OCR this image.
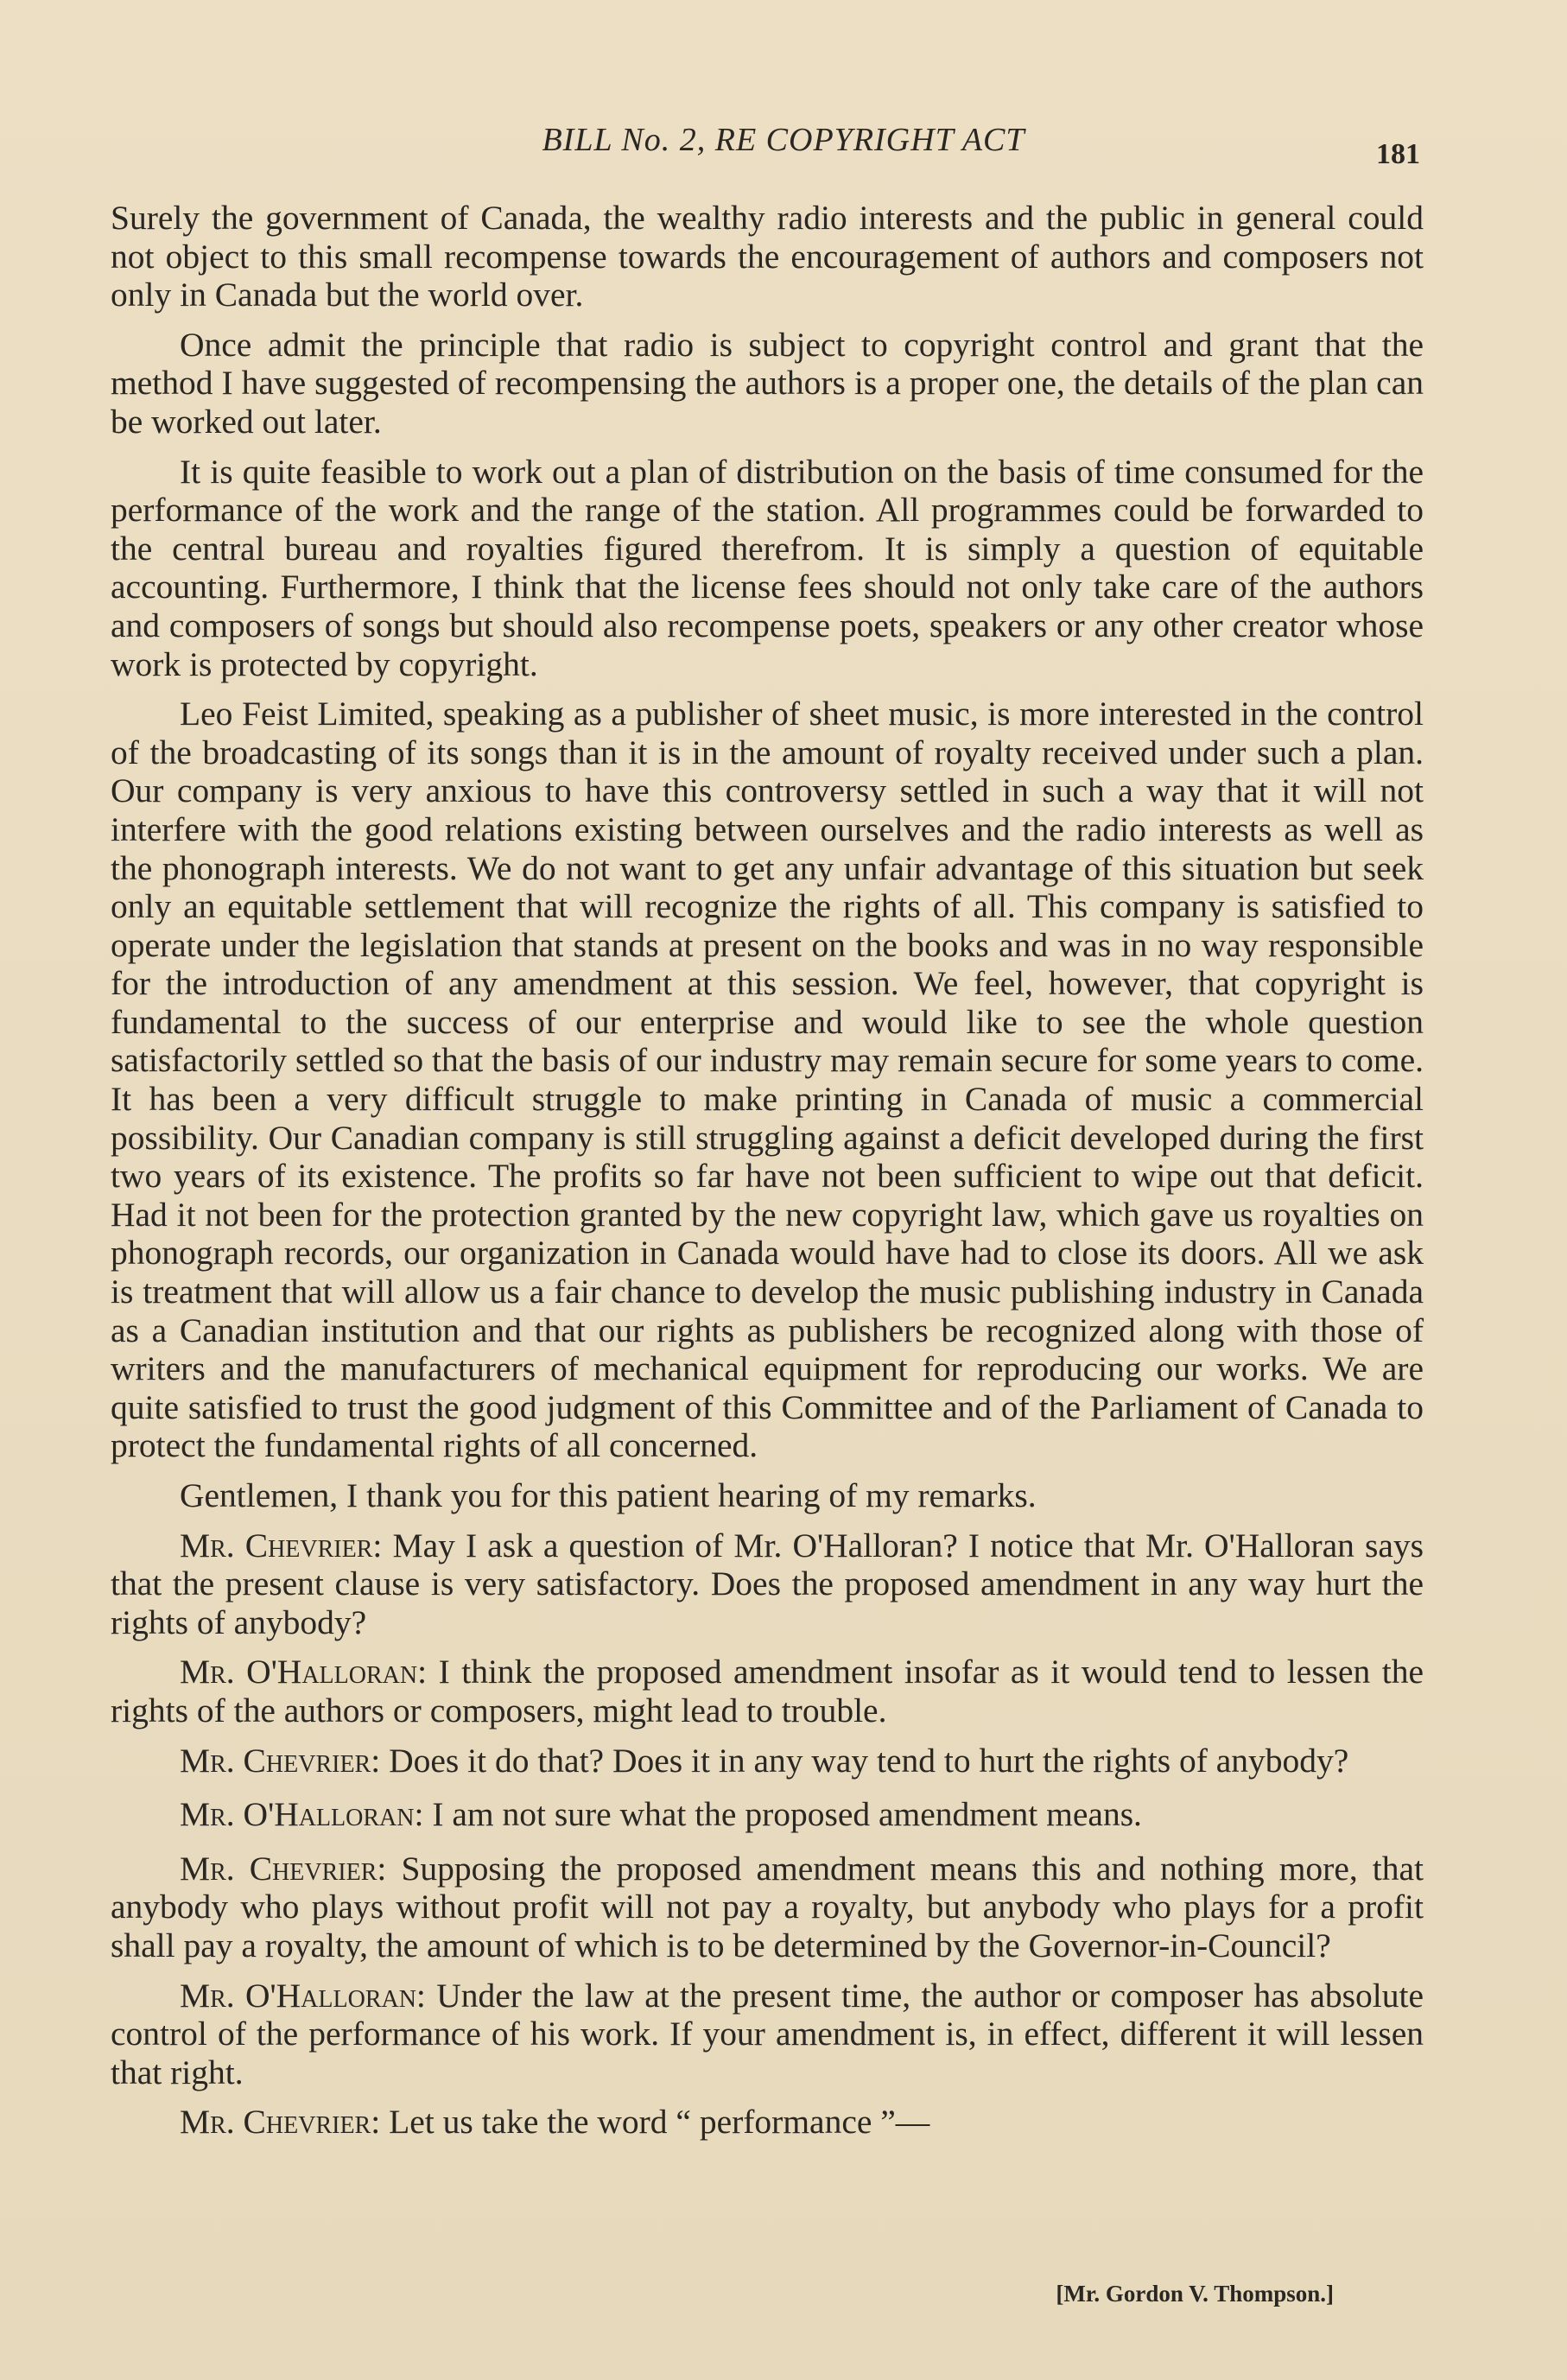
BILL No. 2, RE COPYRIGHT ACT	181

Surely the government of Canada, the wealthy radio interests and the public in general could not object to this small recompense towards the encouragement of authors and composers not only in Canada but the world over.

Once admit the principle that radio is subject to copyright control and grant that the method I have suggested of recompensing the authors is a proper one, the details of the plan can be worked out later.

It is quite feasible to work out a plan of distribution on the basis of time consumed for the performance of the work and the range of the station. All programmes could be forwarded to the central bureau and royalties figured therefrom. It is simply a question of equitable accounting. Furthermore, I think that the license fees should not only take care of the authors and composers of songs but should also recompense poets, speakers or any other creator whose work is protected by copyright.

Leo Feist Limited, speaking as a publisher of sheet music, is more interested in the control of the broadcasting of its songs than it is in the amount of royalty received under such a plan. Our company is very anxious to have this controversy settled in such a way that it will not interfere with the good relations existing between ourselves and the radio interests as well as the phonograph interests. We do not want to get any unfair advantage of this situation but seek only an equitable settlement that will recognize the rights of all. This company is satisfied to operate under the legislation that stands at present on the books and was in no way responsible for the introduction of any amendment at this session. We feel, however, that copyright is fundamental to the success of our enterprise and would like to see the whole question satisfactorily settled so that the basis of our industry may remain secure for some years to come. It has been a very difficult struggle to make printing in Canada of music a commercial possibility. Our Canadian company is still struggling against a deficit developed during the first two years of its existence. The profits so far have not been sufficient to wipe out that deficit. Had it not been for the protection granted by the new copyright law, which gave us royalties on phonograph records, our organization in Canada would have had to close its doors. All we ask is treatment that will allow us a fair chance to develop the music publishing industry in Canada as a Canadian institution and that our rights as publishers be recognized along with those of writers and the manufacturers of mechanical equipment for reproducing our works. We are quite satisfied to trust the good judgment of this Committee and of the Parliament of Canada to protect the fundamental rights of all concerned.

Gentlemen, I thank you for this patient hearing of my remarks.

Mr. Chevrier: May I ask a question of Mr. O'Halloran? I notice that Mr. O'Halloran says that the present clause is very satisfactory. Does the proposed amendment in any way hurt the rights of anybody?

Mr. O'Halloran: I think the proposed amendment insofar as it would tend to lessen the rights of the authors or composers, might lead to trouble.

Mr. Chevrier: Does it do that? Does it in any way tend to hurt the rights of anybody?

Mr. O'Halloran: I am not sure what the proposed amendment means.

Mr. Chevrier: Supposing the proposed amendment means this and nothing more, that anybody who plays without profit will not pay a royalty, but anybody who plays for a profit shall pay a royalty, the amount of which is to be determined by the Governor-in-Council?

Mr. O'Halloran: Under the law at the present time, the author or composer has absolute control of the performance of his work. If your amendment is, in effect, different it will lessen that right.

Mr. Chevrier: Let us take the word “ performance ”—

[Mr. Gordon V. Thompson.]
